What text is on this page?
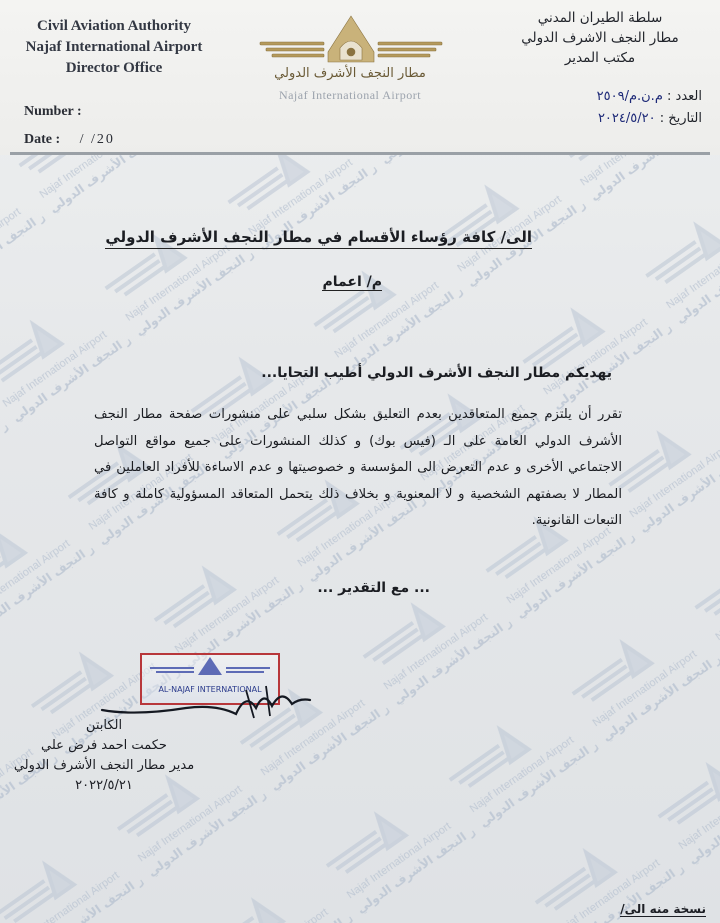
Civil Aviation Authority
Najaf International Airport
Director Office
Number :
Date : / /20
مطار النجف الأشرف الدولي
Najaf International Airport
سلطة الطيران المدني
مطار النجف الاشرف الدولي
مكتب المدير
العدد : م.ن.م/٢٥٠٩
التاريخ : ٢٠٢٤/٥/٢٠
الى/ كافة رؤساء الأقسام في مطار النجف الأشرف الدولي
م/ اعمام
يهديكم مطار النجف الأشرف الدولي أطيب التحايا...
تقرر أن يلتزم جميع المتعاقدين بعدم التعليق بشكل سلبي على منشورات صفحة مطار النجف الأشرف الدولي العامة على الـ (فيس بوك) و كذلك المنشورات على جميع مواقع التواصل الاجتماعي الأخرى و عدم التعرض الى المؤسسة و خصوصيتها و عدم الاساءة للأفراد العاملين في المطار لا بصفتهم الشخصية و لا المعنوية و بخلاف ذلك يتحمل المتعاقد المسؤولية كاملة و كافة التبعات القانونية.
... مع التقدير ...
AL-NAJAF INTERNATIONAL
الكابتن
حكمت احمد فرض علي
مدير مطار النجف الأشرف الدولي
٢٠٢٢/٥/٢١
نسخة منه الى/
